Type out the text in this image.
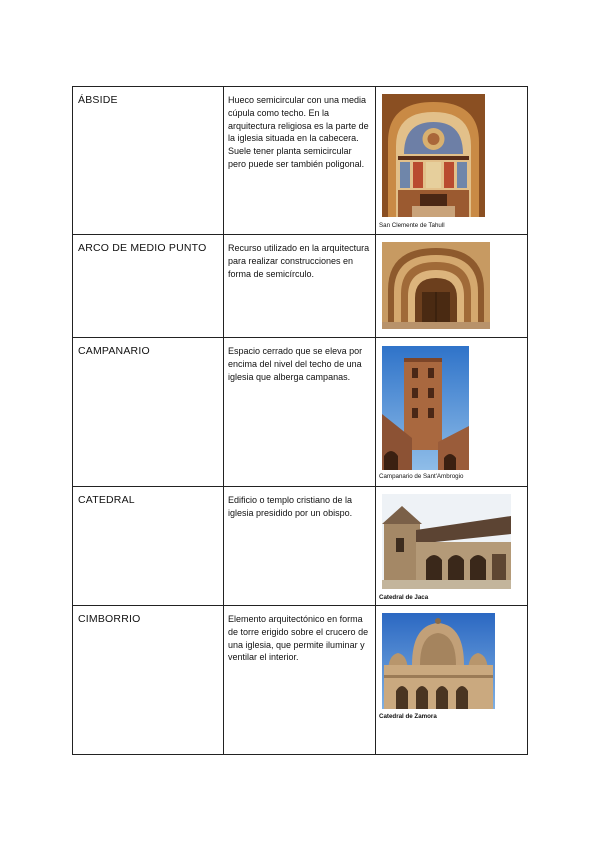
ÁBSIDE	Hueco semicircular con una media cúpula como techo. En la arquitectura religiosa es la parte de la iglesia situada en la cabecera. Suele tener planta semicircular pero puede ser también poligonal.	San Clemente de Tahull

ARCO DE MEDIO PUNTO	Recurso utilizado en la arquitectura para realizar construcciones en forma de semicírculo.

CAMPANARIO	Espacio cerrado que se eleva por encima del nivel del techo de una iglesia que alberga campanas.	Campanario de Sant'Ambrogio

CATEDRAL	Edificio o templo cristiano de la iglesia presidido por un obispo.	Catedral de Jaca

CIMBORRIO	Elemento arquitectónico en forma de torre erigido sobre el crucero de una iglesia, que permite iluminar y ventilar el interior.	Catedral de Zamora
